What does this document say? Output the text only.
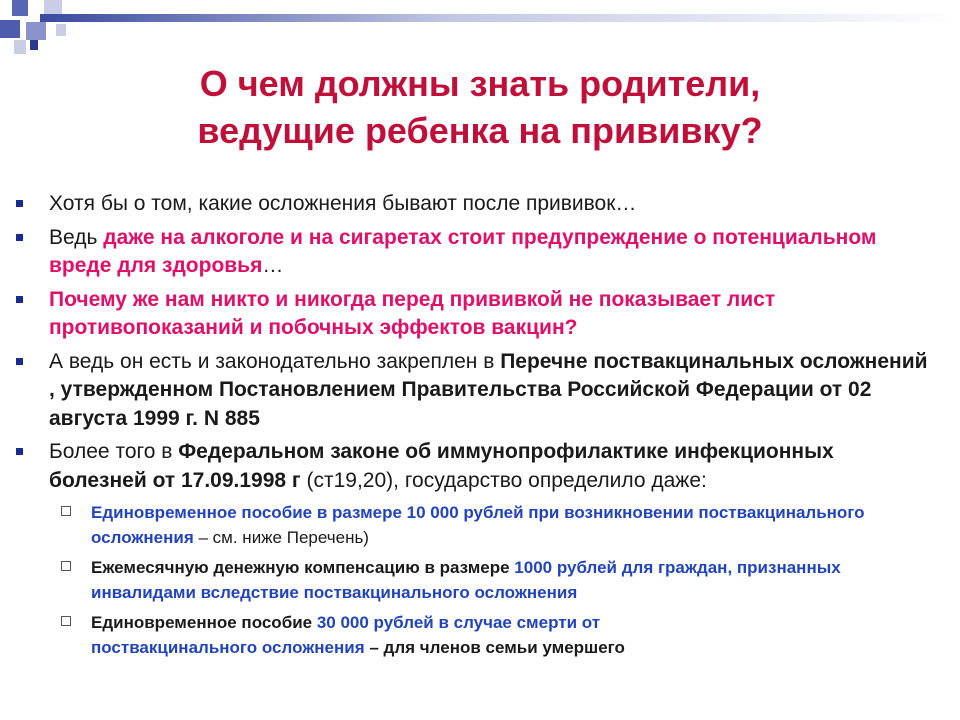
О чем должны знать родители,
ведущие ребенка на прививку?
Хотя бы о том, какие осложнения бывают после прививок…
Ведь даже на алкоголе и на сигаретах стоит предупреждение о потенциальном вреде для здоровья…
Почему же нам никто и никогда перед прививкой не показывает лист противопоказаний и побочных эффектов вакцин?
А ведь он есть и законодательно закреплен в Перечне поствакцинальных осложнений , утвержденном Постановлением Правительства Российской Федерации от 02 августа 1999 г. N 885
Более того в Федеральном законе об иммунопрофилактике инфекционных болезней от 17.09.1998 г (ст19,20), государство определило даже:
Единовременное пособие в размере 10 000 рублей при возникновении поствакцинального осложнения – см. ниже Перечень)
Ежемесячную денежную компенсацию в размере 1000 рублей для граждан, признанных инвалидами вследствие поствакцинального осложнения
Единовременное пособие 30 000 рублей в случае смерти от
поствакцинального осложнения – для членов семьи умершего
